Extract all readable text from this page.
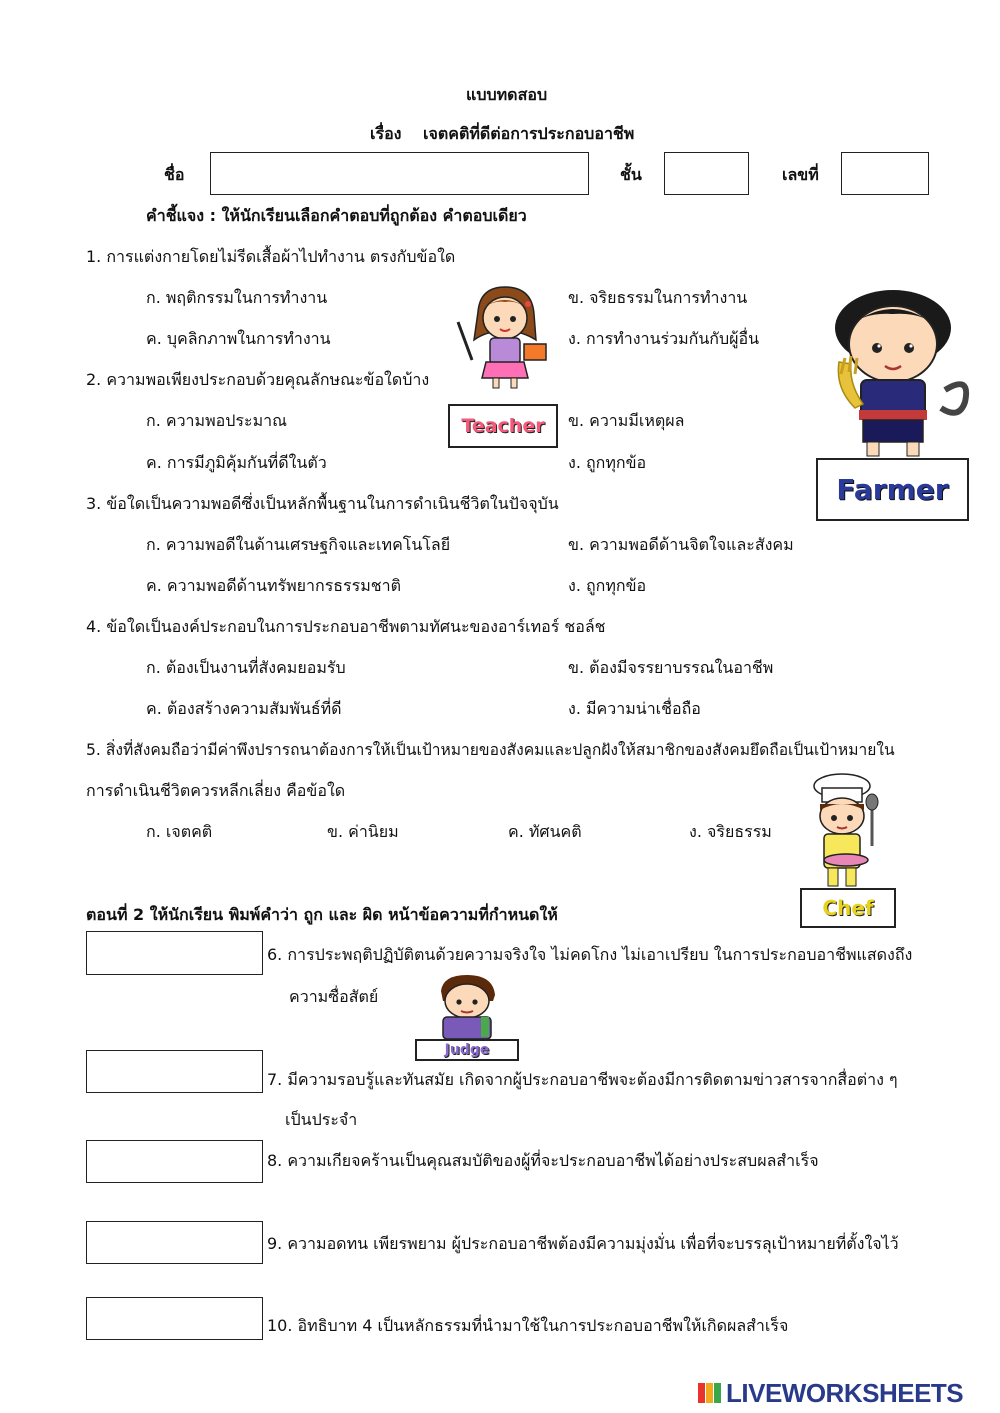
แบบทดสอบ
เรื่อง เจตคติที่ดีต่อการประกอบอาชีพ
ชื่อ	ชั้น	เลขที่
คำชี้แจง : ให้นักเรียนเลือกคำตอบที่ถูกต้อง คำตอบเดียว
1. การแต่งกายโดยไม่รีดเสื้อผ้าไปทำงาน ตรงกับข้อใด
ก. พฤติกรรมในการทำงาน	ข. จริยธรรมในการทำงาน
ค. บุคลิกภาพในการทำงาน	ง. การทำงานร่วมกันกับผู้อื่น
2. ความพอเพียงประกอบด้วยคุณลักษณะข้อใดบ้าง
ก. ความพอประมาณ	ข. ความมีเหตุผล
ค. การมีภูมิคุ้มกันที่ดีในตัว	ง. ถูกทุกข้อ
3. ข้อใดเป็นความพอดีซึ่งเป็นหลักพื้นฐานในการดำเนินชีวิตในปัจจุบัน
ก. ความพอดีในด้านเศรษฐกิจและเทคโนโลยี	ข. ความพอดีด้านจิตใจและสังคม
ค. ความพอดีด้านทรัพยากรธรรมชาติ	ง. ถูกทุกข้อ
4. ข้อใดเป็นองค์ประกอบในการประกอบอาชีพตามทัศนะของอาร์เทอร์ ชอล์ช
ก. ต้องเป็นงานที่สังคมยอมรับ	ข. ต้องมีจรรยาบรรณในอาชีพ
ค. ต้องสร้างความสัมพันธ์ที่ดี	ง. มีความน่าเชื่อถือ
5. สิ่งที่สังคมถือว่ามีค่าพึงปรารถนาต้องการให้เป็นเป้าหมายของสังคมและปลูกฝังให้สมาชิกของสังคมยึดถือเป็นเป้าหมายใน
การดำเนินชีวิตควรหลีกเลี่ยง คือข้อใด
ก. เจตคติ	ข. ค่านิยม	ค. ทัศนคติ	ง. จริยธรรม
ตอนที่ 2 ให้นักเรียน พิมพ์คำว่า ถูก และ ผิด หน้าข้อความที่กำหนดให้
6. การประพฤติปฏิบัติตนด้วยความจริงใจ ไม่คดโกง ไม่เอาเปรียบ ในการประกอบอาชีพแสดงถึง
ความซื่อสัตย์
7. มีความรอบรู้และทันสมัย เกิดจากผู้ประกอบอาชีพจะต้องมีการติดตามข่าวสารจากสื่อต่าง ๆ
เป็นประจำ
8. ความเกียจคร้านเป็นคุณสมบัติของผู้ที่จะประกอบอาชีพได้อย่างประสบผลสำเร็จ
9. ความอดทน เพียรพยาม ผู้ประกอบอาชีพต้องมีความมุ่งมั่น เพื่อที่จะบรรลุเป้าหมายที่ตั้งใจไว้
10. อิทธิบาท 4 เป็นหลักธรรมที่นำมาใช้ในการประกอบอาชีพให้เกิดผลสำเร็จ
Teacher
Farmer
Chef
Judge
LIVEWORKSHEETS
